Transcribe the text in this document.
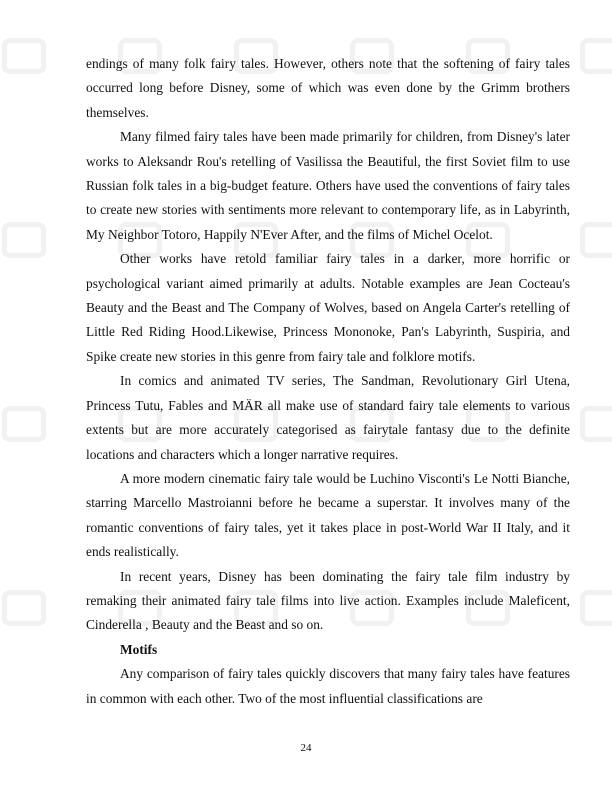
endings of many folk fairy tales. However, others note that the softening of fairy tales occurred long before Disney, some of which was even done by the Grimm brothers themselves.

Many filmed fairy tales have been made primarily for children, from Disney's later works to Aleksandr Rou's retelling of Vasilissa the Beautiful, the first Soviet film to use Russian folk tales in a big-budget feature. Others have used the conventions of fairy tales to create new stories with sentiments more relevant to contemporary life, as in Labyrinth, My Neighbor Totoro, Happily N'Ever After, and the films of Michel Ocelot.

Other works have retold familiar fairy tales in a darker, more horrific or psychological variant aimed primarily at adults. Notable examples are Jean Cocteau's Beauty and the Beast and The Company of Wolves, based on Angela Carter's retelling of Little Red Riding Hood.Likewise, Princess Mononoke, Pan's Labyrinth, Suspiria, and Spike create new stories in this genre from fairy tale and folklore motifs.

In comics and animated TV series, The Sandman, Revolutionary Girl Utena, Princess Tutu, Fables and MÄR all make use of standard fairy tale elements to various extents but are more accurately categorised as fairytale fantasy due to the definite locations and characters which a longer narrative requires.

A more modern cinematic fairy tale would be Luchino Visconti's Le Notti Bianche, starring Marcello Mastroianni before he became a superstar. It involves many of the romantic conventions of fairy tales, yet it takes place in post-World War II Italy, and it ends realistically.

In recent years, Disney has been dominating the fairy tale film industry by remaking their animated fairy tale films into live action. Examples include Maleficent, Cinderella , Beauty and the Beast and so on.

Motifs

Any comparison of fairy tales quickly discovers that many fairy tales have features in common with each other. Two of the most influential classifications are

24
